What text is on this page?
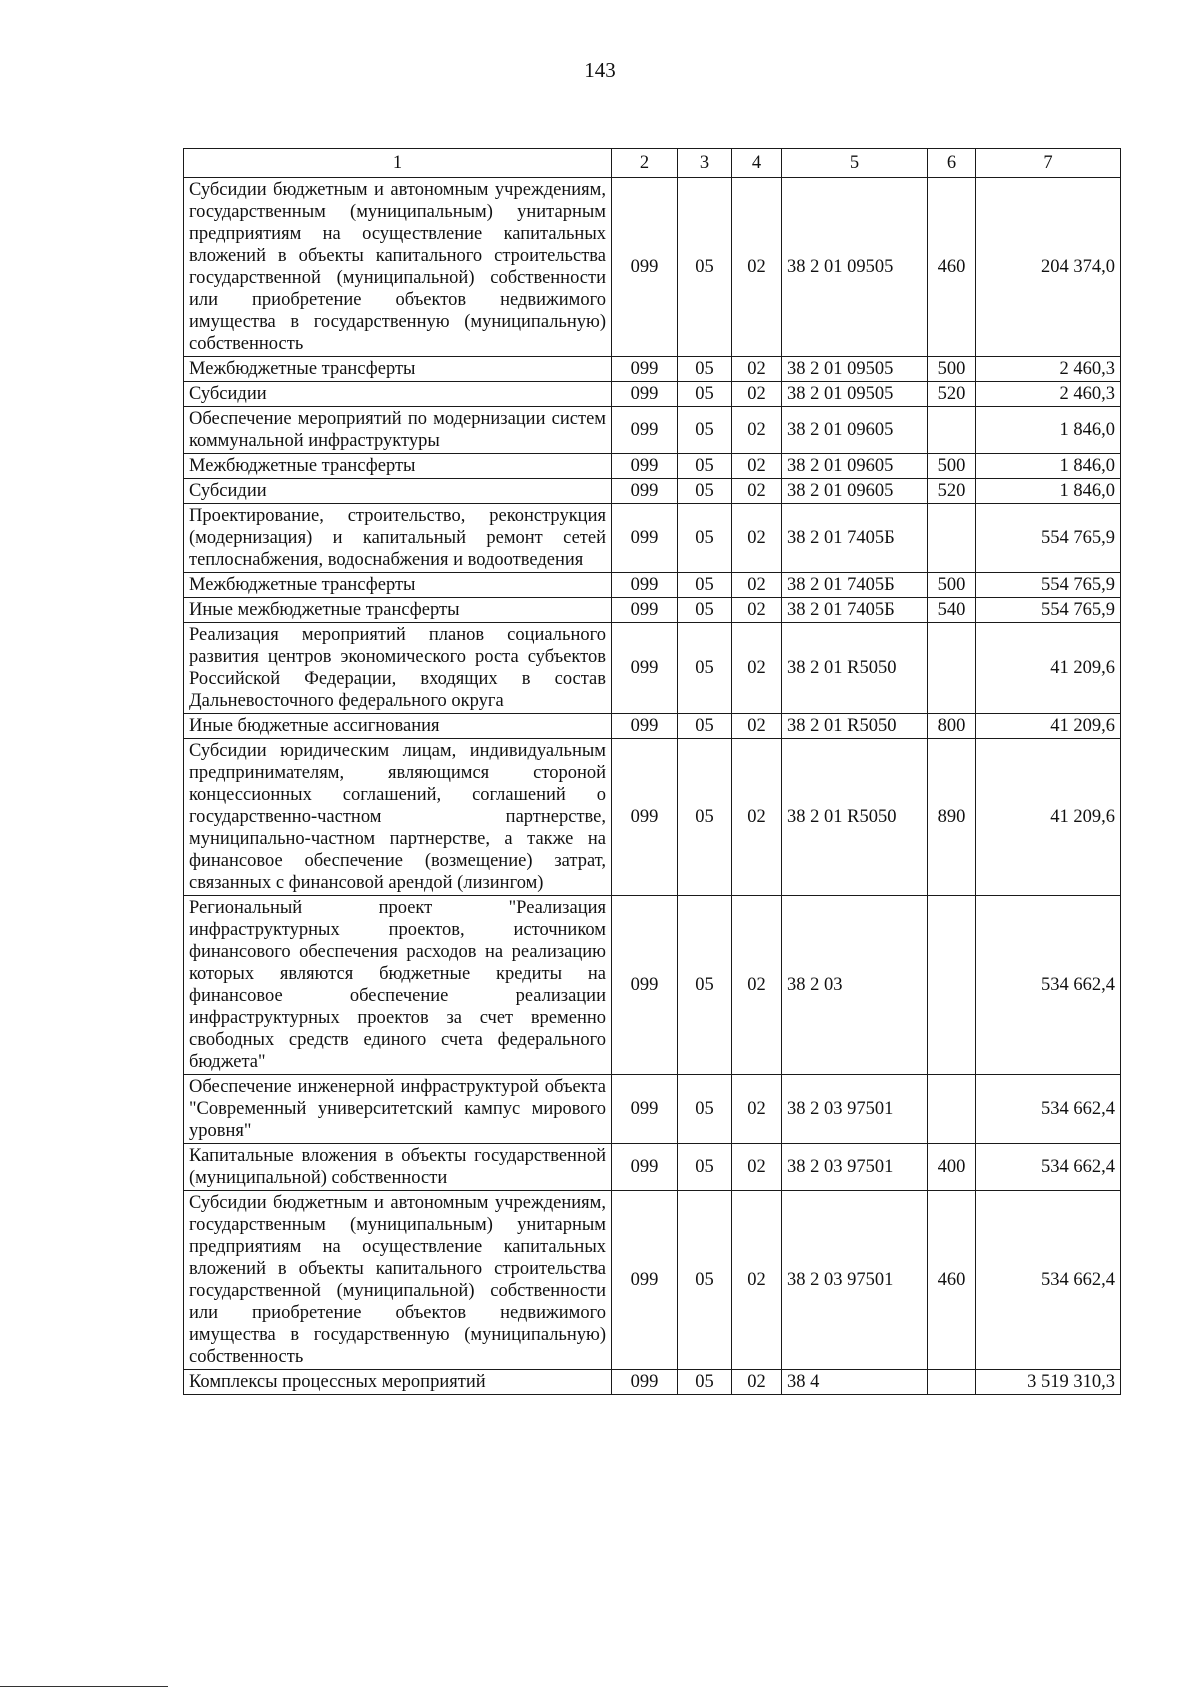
143
1	2	3	4	5	6	7
Субсидии бюджетным и автономным учреждениям, государственным (муниципальным) унитарным предприятиям на осуществление капитальных вложений в объекты капитального строительства государственной (муниципальной) собственности или приобретение объектов недвижимого имущества в государственную (муниципальную) собственность	099	05	02	38 2 01 09505	460	204 374,0
Межбюджетные трансферты	099	05	02	38 2 01 09505	500	2 460,3
Субсидии	099	05	02	38 2 01 09505	520	2 460,3
Обеспечение мероприятий по модернизации систем коммунальной инфраструктуры	099	05	02	38 2 01 09605		1 846,0
Межбюджетные трансферты	099	05	02	38 2 01 09605	500	1 846,0
Субсидии	099	05	02	38 2 01 09605	520	1 846,0
Проектирование, строительство, реконструкция (модернизация) и капитальный ремонт сетей теплоснабжения, водоснабжения и водоотведения	099	05	02	38 2 01 7405Б		554 765,9
Межбюджетные трансферты	099	05	02	38 2 01 7405Б	500	554 765,9
Иные межбюджетные трансферты	099	05	02	38 2 01 7405Б	540	554 765,9
Реализация мероприятий планов социального развития центров экономического роста субъектов Российской Федерации, входящих в состав Дальневосточного федерального округа	099	05	02	38 2 01 R5050		41 209,6
Иные бюджетные ассигнования	099	05	02	38 2 01 R5050	800	41 209,6
Субсидии юридическим лицам, индивидуальным предпринимателям, являющимся стороной концессионных соглашений, соглашений о государственно-частном партнерстве, муниципально-частном партнерстве, а также на финансовое обеспечение (возмещение) затрат, связанных с финансовой арендой (лизингом)	099	05	02	38 2 01 R5050	890	41 209,6
Региональный проект "Реализация инфраструктурных проектов, источником финансового обеспечения расходов на реализацию которых являются бюджетные кредиты на финансовое обеспечение реализации инфраструктурных проектов за счет временно свободных средств единого счета федерального бюджета"	099	05	02	38 2 03		534 662,4
Обеспечение инженерной инфраструктурой объекта "Современный университетский кампус мирового уровня"	099	05	02	38 2 03 97501		534 662,4
Капитальные вложения в объекты государственной (муниципальной) собственности	099	05	02	38 2 03 97501	400	534 662,4
Субсидии бюджетным и автономным учреждениям, государственным (муниципальным) унитарным предприятиям на осуществление капитальных вложений в объекты капитального строительства государственной (муниципальной) собственности или приобретение объектов недвижимого имущества в государственную (муниципальную) собственность	099	05	02	38 2 03 97501	460	534 662,4
Комплексы процессных мероприятий	099	05	02	38 4		3 519 310,3
